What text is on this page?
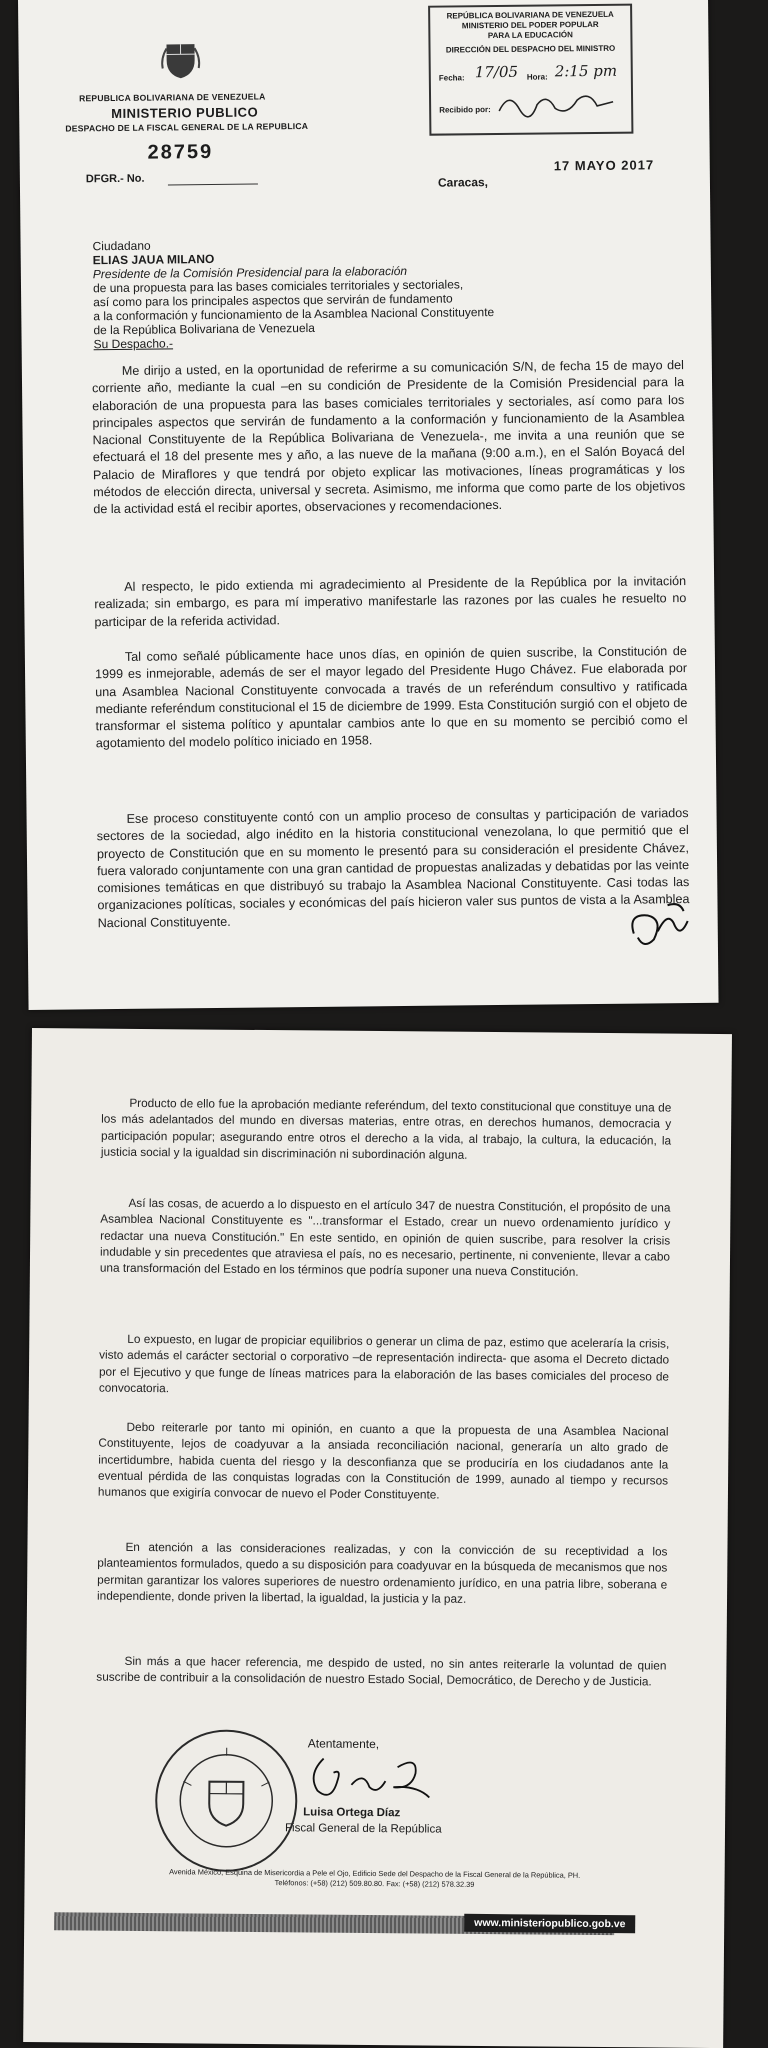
REPUBLICA BOLIVARIANA DE VENEZUELA
MINISTERIO PUBLICO
DESPACHO DE LA FISCAL GENERAL DE LA REPUBLICA
28759
DFGR.- No.
REPÚBLICA BOLIVARIANA DE VENEZUELA
MINISTERIO DEL PODER POPULAR
PARA LA EDUCACIÓN
DIRECCIÓN DEL DESPACHO DEL MINISTRO
Fecha: 17/05 Hora: 2:15 pm
Recibido por:
Caracas,
17 MAYO 2017
Ciudadano
ELIAS JAUA MILANO
Presidente de la Comisión Presidencial para la elaboración
de una propuesta para las bases comiciales territoriales y sectoriales,
así como para los principales aspectos que servirán de fundamento
a la conformación y funcionamiento de la Asamblea Nacional Constituyente
de la República Bolivariana de Venezuela
Su Despacho.-
Me dirijo a usted, en la oportunidad de referirme a su comunicación S/N, de fecha 15 de mayo del corriente año, mediante la cual –en su condición de Presidente de la Comisión Presidencial para la elaboración de una propuesta para las bases comiciales territoriales y sectoriales, así como para los principales aspectos que servirán de fundamento a la conformación y funcionamiento de la Asamblea Nacional Constituyente de la República Bolivariana de Venezuela-, me invita a una reunión que se efectuará el 18 del presente mes y año, a las nueve de la mañana (9:00 a.m.), en el Salón Boyacá del Palacio de Miraflores y que tendrá por objeto explicar las motivaciones, líneas programáticas y los métodos de elección directa, universal y secreta. Asimismo, me informa que como parte de los objetivos de la actividad está el recibir aportes, observaciones y recomendaciones.
Al respecto, le pido extienda mi agradecimiento al Presidente de la República por la invitación realizada; sin embargo, es para mí imperativo manifestarle las razones por las cuales he resuelto no participar de la referida actividad.
Tal como señalé públicamente hace unos días, en opinión de quien suscribe, la Constitución de 1999 es inmejorable, además de ser el mayor legado del Presidente Hugo Chávez. Fue elaborada por una Asamblea Nacional Constituyente convocada a través de un referéndum consultivo y ratificada mediante referéndum constitucional el 15 de diciembre de 1999. Esta Constitución surgió con el objeto de transformar el sistema político y apuntalar cambios ante lo que en su momento se percibió como el agotamiento del modelo político iniciado en 1958.
Ese proceso constituyente contó con un amplio proceso de consultas y participación de variados sectores de la sociedad, algo inédito en la historia constitucional venezolana, lo que permitió que el proyecto de Constitución que en su momento le presentó para su consideración el presidente Chávez, fuera valorado conjuntamente con una gran cantidad de propuestas analizadas y debatidas por las veinte comisiones temáticas en que distribuyó su trabajo la Asamblea Nacional Constituyente. Casi todas las organizaciones políticas, sociales y económicas del país hicieron valer sus puntos de vista a la Asamblea Nacional Constituyente.
Producto de ello fue la aprobación mediante referéndum, del texto constitucional que constituye una de los más adelantados del mundo en diversas materias, entre otras, en derechos humanos, democracia y participación popular; asegurando entre otros el derecho a la vida, al trabajo, la cultura, la educación, la justicia social y la igualdad sin discriminación ni subordinación alguna.
Así las cosas, de acuerdo a lo dispuesto en el artículo 347 de nuestra Constitución, el propósito de una Asamblea Nacional Constituyente es "...transformar el Estado, crear un nuevo ordenamiento jurídico y redactar una nueva Constitución." En este sentido, en opinión de quien suscribe, para resolver la crisis indudable y sin precedentes que atraviesa el país, no es necesario, pertinente, ni conveniente, llevar a cabo una transformación del Estado en los términos que podría suponer una nueva Constitución.
Lo expuesto, en lugar de propiciar equilibrios o generar un clima de paz, estimo que aceleraría la crisis, visto además el carácter sectorial o corporativo –de representación indirecta- que asoma el Decreto dictado por el Ejecutivo y que funge de líneas matrices para la elaboración de las bases comiciales del proceso de convocatoria.
Debo reiterarle por tanto mi opinión, en cuanto a que la propuesta de una Asamblea Nacional Constituyente, lejos de coadyuvar a la ansiada reconciliación nacional, generaría un alto grado de incertidumbre, habida cuenta del riesgo y la desconfianza que se produciría en los ciudadanos ante la eventual pérdida de las conquistas logradas con la Constitución de 1999, aunado al tiempo y recursos humanos que exigiría convocar de nuevo el Poder Constituyente.
En atención a las consideraciones realizadas, y con la convicción de su receptividad a los planteamientos formulados, quedo a su disposición para coadyuvar en la búsqueda de mecanismos que nos permitan garantizar los valores superiores de nuestro ordenamiento jurídico, en una patria libre, soberana e independiente, donde priven la libertad, la igualdad, la justicia y la paz.
Sin más a que hacer referencia, me despido de usted, no sin antes reiterarle la voluntad de quien suscribe de contribuir a la consolidación de nuestro Estado Social, Democrático, de Derecho y de Justicia.
Atentamente,
Luisa Ortega Díaz
Fiscal General de la República
Avenida México, Esquina de Misericordia a Pele el Ojo, Edificio Sede del Despacho de la Fiscal General de la República, PH.
Teléfonos: (+58) (212) 509.80.80. Fax: (+58) (212) 578.32.39
www.ministeriopublico.gob.ve
